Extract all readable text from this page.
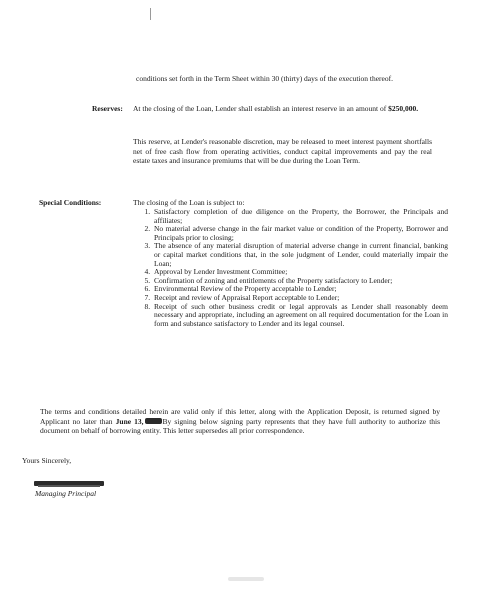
conditions set forth in the Term Sheet within 30 (thirty) days of the execution thereof.
Reserves: At the closing of the Loan, Lender shall establish an interest reserve in an amount of $250,000.
This reserve, at Lender's reasonable discretion, may be released to meet interest payment shortfalls net of free cash flow from operating activities, conduct capital improvements and pay the real estate taxes and insurance premiums that will be due during the Loan Term.
Special Conditions:	The closing of the Loan is subject to:
1. Satisfactory completion of due diligence on the Property, the Borrower, the Principals and affiliates;
2. No material adverse change in the fair market value or condition of the Property, Borrower and Principals prior to closing;
3. The absence of any material disruption of material adverse change in current financial, banking or capital market conditions that, in the sole judgment of Lender, could materially impair the Loan;
4. Approval by Lender Investment Committee;
5. Confirmation of zoning and entitlements of the Property satisfactory to Lender;
6. Environmental Review of the Property acceptable to Lender;
7. Receipt and review of Appraisal Report acceptable to Lender;
8. Receipt of such other business credit or legal approvals as Lender shall reasonably deem necessary and appropriate, including an agreement on all required documentation for the Loan in form and substance satisfactory to Lender and its legal counsel.
The terms and conditions detailed herein are valid only if this letter, along with the Application Deposit, is returned signed by Applicant no later than June 13,	By signing below signing party represents that they have full authority to authorize this document on behalf of borrowing entity. This letter supersedes all prior correspondence.
Yours Sincerely,
Managing Principal
